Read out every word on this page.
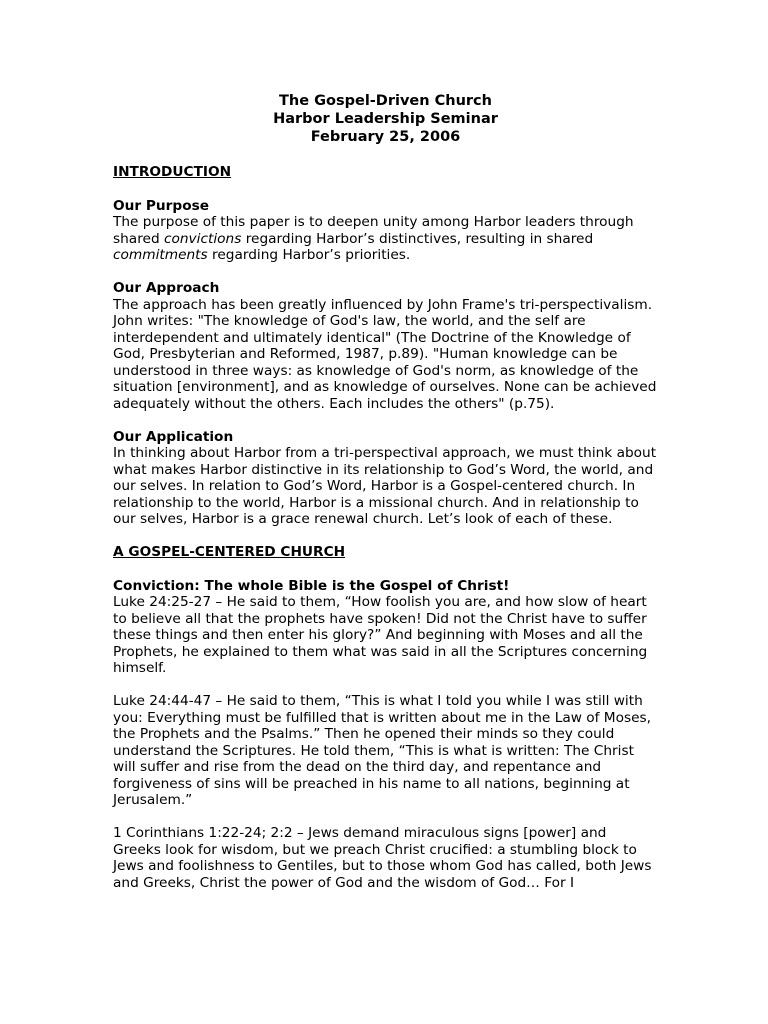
The Gospel-Driven Church
Harbor Leadership Seminar
February 25, 2006
INTRODUCTION
Our Purpose

The purpose of this paper is to deepen unity among Harbor leaders through shared convictions regarding Harbor’s distinctives, resulting in shared commitments regarding Harbor’s priorities.

Our Approach

The approach has been greatly influenced by John Frame's tri-perspectivalism. John writes: "The knowledge of God's law, the world, and the self are interdependent and ultimately identical" (The Doctrine of the Knowledge of God, Presbyterian and Reformed, 1987, p.89). "Human knowledge can be understood in three ways: as knowledge of God's norm, as knowledge of the situation [environment], and as knowledge of ourselves. None can be achieved adequately without the others. Each includes the others" (p.75).

Our Application

In thinking about Harbor from a tri-perspectival approach, we must think about what makes Harbor distinctive in its relationship to God’s Word, the world, and our selves. In relation to God’s Word, Harbor is a Gospel-centered church. In relationship to the world, Harbor is a missional church. And in relationship to our selves, Harbor is a grace renewal church. Let’s look of each of these.

A GOSPEL-CENTERED CHURCH
Conviction: The whole Bible is the Gospel of Christ!

Luke 24:25-27 – He said to them, “How foolish you are, and how slow of heart to believe all that the prophets have spoken! Did not the Christ have to suffer these things and then enter his glory?” And beginning with Moses and all the Prophets, he explained to them what was said in all the Scriptures concerning himself.

Luke 24:44-47 – He said to them, “This is what I told you while I was still with you: Everything must be fulfilled that is written about me in the Law of Moses, the Prophets and the Psalms.” Then he opened their minds so they could understand the Scriptures. He told them, “This is what is written: The Christ will suffer and rise from the dead on the third day, and repentance and forgiveness of sins will be preached in his name to all nations, beginning at Jerusalem.”

1 Corinthians 1:22-24; 2:2 – Jews demand miraculous signs [power] and Greeks look for wisdom, but we preach Christ crucified: a stumbling block to Jews and foolishness to Gentiles, but to those whom God has called, both Jews and Greeks, Christ the power of God and the wisdom of God… For I
